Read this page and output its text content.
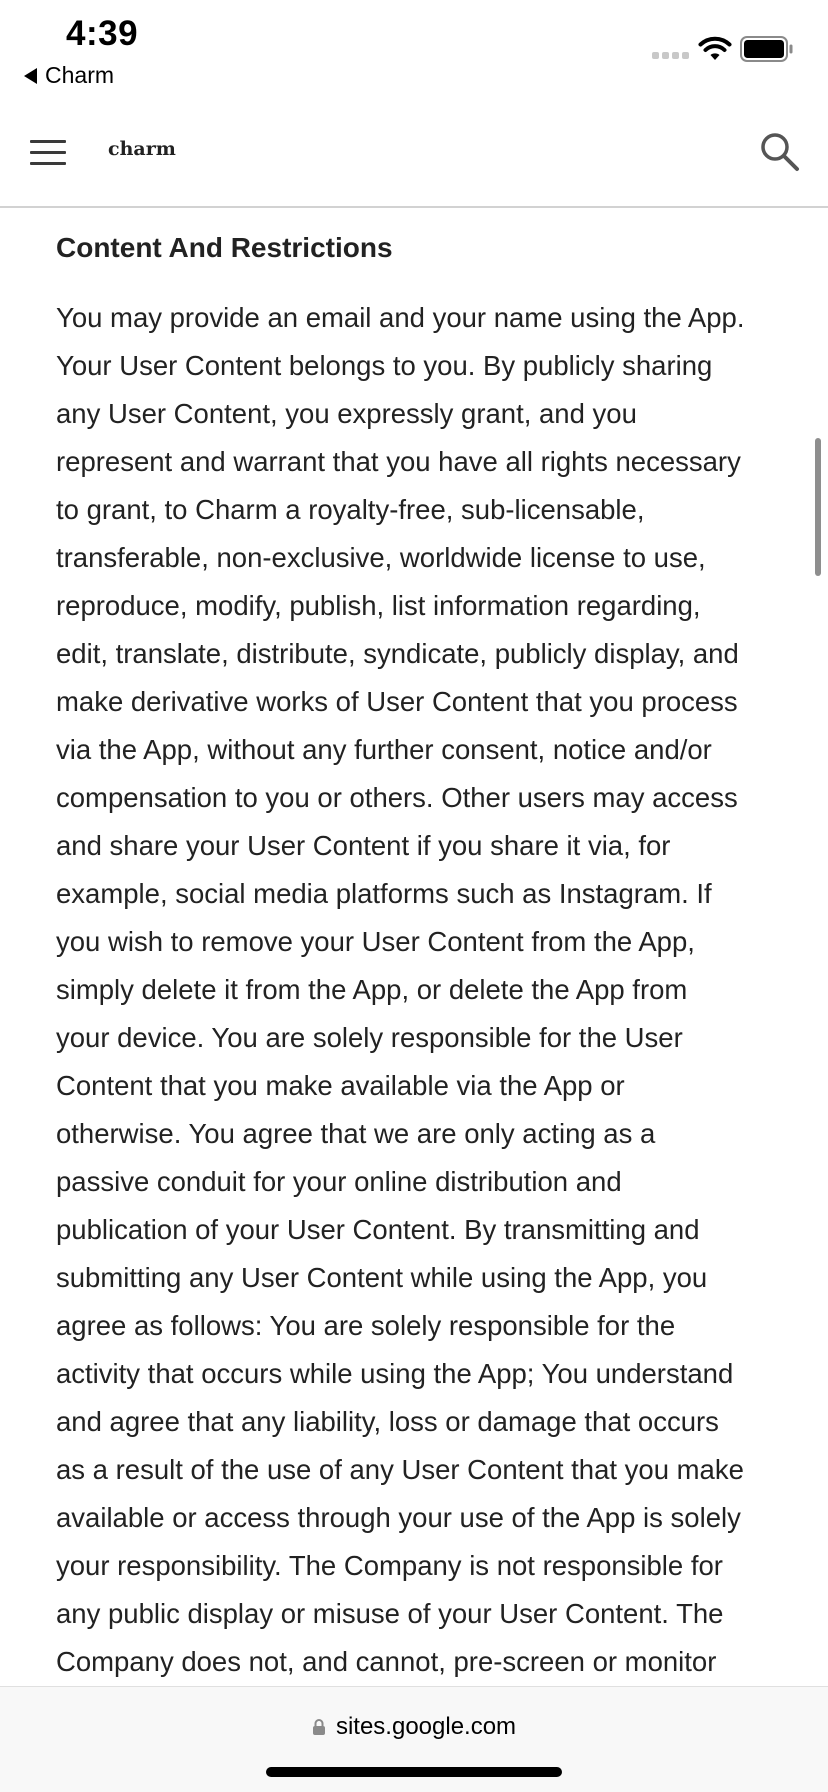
4:39
Charm
charm
Content And Restrictions

You may provide an email and your name using the App.
Your User Content belongs to you. By publicly sharing
any User Content, you expressly grant, and you
represent and warrant that you have all rights necessary
to grant, to Charm a royalty-free, sub-licensable,
transferable, non-exclusive, worldwide license to use,
reproduce, modify, publish, list information regarding,
edit, translate, distribute, syndicate, publicly display, and
make derivative works of User Content that you process
via the App, without any further consent, notice and/or
compensation to you or others. Other users may access
and share your User Content if you share it via, for
example, social media platforms such as Instagram. If
you wish to remove your User Content from the App,
simply delete it from the App, or delete the App from
your device. You are solely responsible for the User
Content that you make available via the App or
otherwise. You agree that we are only acting as a
passive conduit for your online distribution and
publication of your User Content. By transmitting and
submitting any User Content while using the App, you
agree as follows: You are solely responsible for the
activity that occurs while using the App; You understand
and agree that any liability, loss or damage that occurs
as a result of the use of any User Content that you make
available or access through your use of the App is solely
your responsibility. The Company is not responsible for
any public display or misuse of your User Content. The
Company does not, and cannot, pre-screen or monitor

sites.google.com
